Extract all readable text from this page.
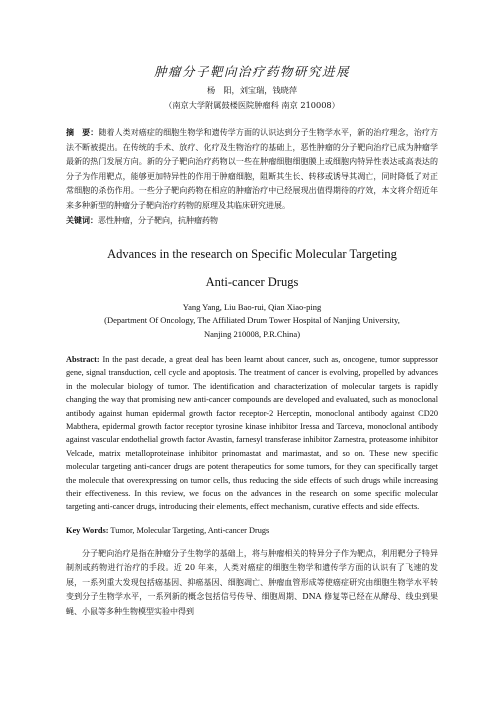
肿瘤分子靶向治疗药物研究进展

杨　阳，刘宝瑞，钱晓萍

（南京大学附属鼓楼医院肿瘤科 南京 210008）

摘　要：随着人类对癌症的细胞生物学和遗传学方面的认识达到分子生物学水平，新的治疗理念，治疗方法不断被提出。在传统的手术、放疗、化疗及生物治疗的基础上，恶性肿瘤的分子靶向治疗已成为肿瘤学最新的热门发展方向。新的分子靶向治疗药物以一些在肿瘤细胞细胞膜上或细胞内特异性表达或高表达的分子为作用靶点，能够更加特异性的作用于肿瘤细胞，阻断其生长、转移或诱导其凋亡，同时降低了对正常细胞的杀伤作用。一些分子靶向药物在相应的肿瘤治疗中已经展现出值得期待的疗效，本文将介绍近年来多种新型的肿瘤分子靶向治疗药物的原理及其临床研究进展。

关键词：恶性肿瘤，分子靶向，抗肿瘤药物

Advances in the research on Specific Molecular Targeting

Anti-cancer Drugs

Yang Yang, Liu Bao-rui, Qian Xiao-ping

(Department Of Oncology, The Affiliated Drum Tower Hospital of Nanjing University,

Nanjing 210008, P.R.China)

Abstract: In the past decade, a great deal has been learnt about cancer, such as, oncogene, tumor suppressor gene, signal transduction, cell cycle and apoptosis. The treatment of cancer is evolving, propelled by advances in the molecular biology of tumor. The identification and characterization of molecular targets is rapidly changing the way that promising new anti-cancer compounds are developed and evaluated, such as monoclonal antibody against human epidermal growth factor receptor-2 Herceptin, monoclonal antibody against CD20 Mabthera, epidermal growth factor receptor tyrosine kinase inhibitor Iressa and Tarceva, monoclonal antibody against vascular endothelial growth factor Avastin, farnesyl transferase inhibitor Zarnestra, proteasome inhibitor Velcade, matrix metalloproteinase inhibitor prinomastat and marimastat, and so on. These new specific molecular targeting anti-cancer drugs are potent therapeutics for some tumors, for they can specifically target the molecule that overexpressing on tumor cells, thus reducing the side effects of such drugs while increasing their effectiveness. In this review, we focus on the advances in the research on some specific molecular targeting anti-cancer drugs, introducing their elements, effect mechanism, curative effects and side effects.

Key Words: Tumor, Molecular Targeting, Anti-cancer Drugs

分子靶向治疗是指在肿瘤分子生物学的基础上，将与肿瘤相关的特异分子作为靶点，利用靶分子特异制剂或药物进行治疗的手段。近 20 年来，人类对癌症的细胞生物学和遗传学方面的认识有了飞速的发展，一系列重大发现包括癌基因、抑癌基因、细胞凋亡、肿瘤血管形成等使癌症研究由细胞生物学水平转变到分子生物学水平，一系列新的概念包括信号传导、细胞周期、DNA 修复等已经在从酵母、线虫到果蝇、小鼠等多种生物模型实验中得到
